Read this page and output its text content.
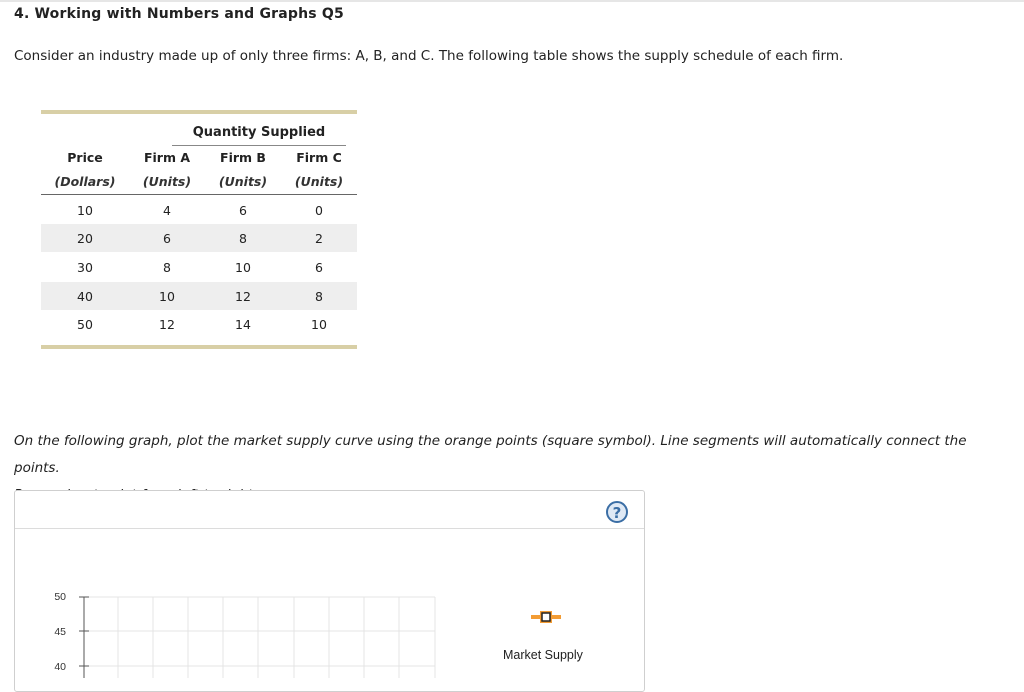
4. Working with Numbers and Graphs Q5
Consider an industry made up of only three firms: A, B, and C. The following table shows the supply schedule of each firm.
Quantity Supplied
Price	Firm A	Firm B	Firm C
(Dollars)	(Units)	(Units)	(Units)
10	4	6	0
20	6	8	2
30	8	10	6
40	10	12	8
50	12	14	10
On the following graph, plot the market supply curve using the orange points (square symbol). Line segments will automatically connect the points.
?
50
45
40
Market Supply
